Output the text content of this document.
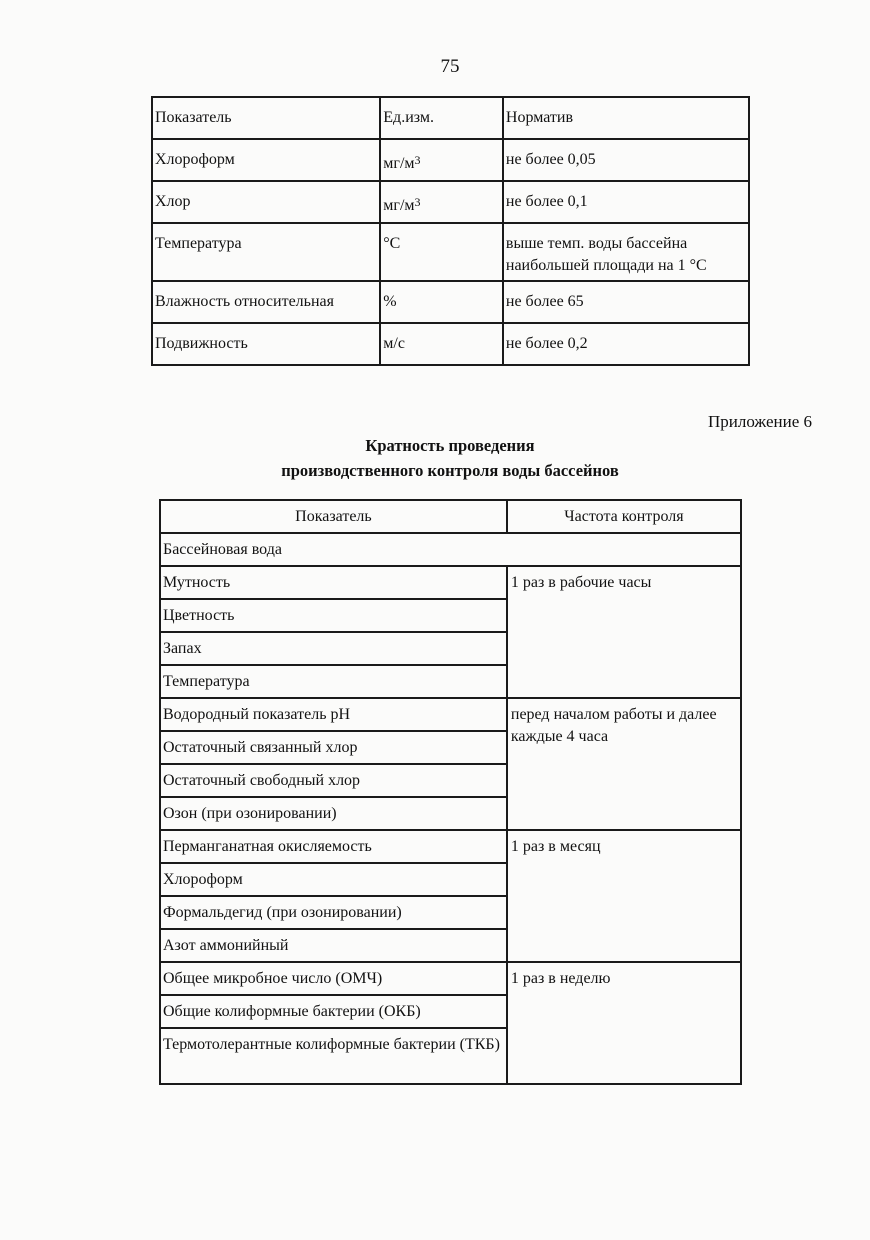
75
Показатель	Ед.изм.	Норматив
Хлороформ	$мг/м^3$	не более 0,05
Хлор	$мг/м^3$	не более 0,1
Температура	°С	выше темп. воды бассейна наибольшей площади на 1 °С
Влажность относительная	%	не более 65
Подвижность	м/с	не более 0,2
Приложение 6
Кратность проведения
производственного контроля воды бассейнов
Показатель	Частота контроля
Бассейновая вода	
Мутность	1 раз в рабочие часы
Цветность	
Запах	
Температура	
Водородный показатель pH	перед началом работы и далее каждые 4 часа
Остаточный связанный хлор	
Остаточный свободный хлор	
Озон (при озонировании)	
Перманганатная окисляемость	1 раз в месяц
Хлороформ	
Формальдегид (при озонировании)	
Азот аммонийный	
Общее микробное число (ОМЧ)	1 раз в неделю
Общие колиформные бактерии (ОКБ)	
Термотолерантные колиформные бактерии (ТКБ)	
